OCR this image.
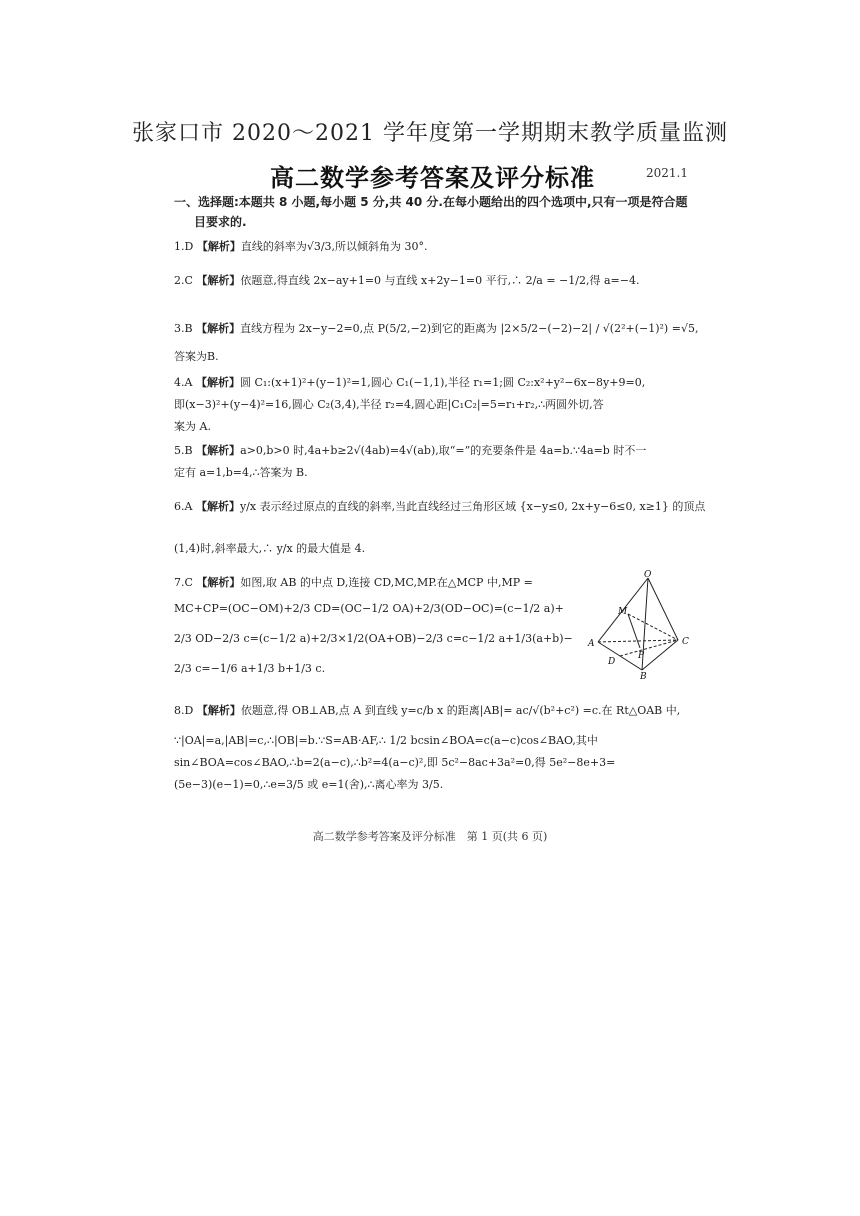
张家口市 2020～2021 学年度第一学期期末教学质量监测
高二数学参考答案及评分标准	2021.1
一、选择题:本题共 8 小题,每小题 5 分,共 40 分.在每小题给出的四个选项中,只有一项是符合题
目要求的.
1.D 【解析】直线的斜率为√3/3,所以倾斜角为 30°.
2.C 【解析】依题意,得直线 2x−ay+1=0 与直线 x+2y−1=0 平行,∴ 2/a = −1/2,得 a=−4.
3.B 【解析】直线方程为 2x−y−2=0,点 P(5/2,−2)到它的距离为 |2×5/2−(−2)−2| / √(2²+(−1)²) =√5,
答案为B.
4.A 【解析】圆 C₁:(x+1)²+(y−1)²=1,圆心 C₁(−1,1),半径 r₁=1;圆 C₂:x²+y²−6x−8y+9=0,
即(x−3)²+(y−4)²=16,圆心 C₂(3,4),半径 r₂=4,圆心距|C₁C₂|=5=r₁+r₂,∴两圆外切,答
案为 A.
5.B 【解析】a>0,b>0 时,4a+b≥2√(4ab)=4√(ab),取“=”的充要条件是 4a=b.∵4a=b 时不一
定有 a=1,b=4,∴答案为 B.
6.A 【解析】y/x 表示经过原点的直线的斜率,当此直线经过三角形区域 {x−y≤0, 2x+y−6≤0, x≥1} 的顶点
(1,4)时,斜率最大,∴ y/x 的最大值是 4.
7.C 【解析】如图,取 AB 的中点 D,连接 CD,MC,MP.在△MCP 中,MP =
MC+CP=(OC−OM)+2/3 CD=(OC−1/2 OA)+2/3(OD−OC)=(c−1/2 a)+
2/3 OD−2/3 c=(c−1/2 a)+2/3×1/2(OA+OB)−2/3 c=c−1/2 a+1/3(a+b)−
2/3 c=−1/6 a+1/3 b+1/3 c.
O
M
A
D
P
C
B
8.D 【解析】依题意,得 OB⊥AB,点 A 到直线 y=c/b x 的距离|AB|= ac/√(b²+c²) =c.在 Rt△OAB 中,
∵|OA|=a,|AB|=c,∴|OB|=b.∵S=AB·AF,∴ 1/2 bcsin∠BOA=c(a−c)cos∠BAO,其中
sin∠BOA=cos∠BAO,∴b=2(a−c),∴b²=4(a−c)²,即 5c²−8ac+3a²=0,得 5e²−8e+3=
(5e−3)(e−1)=0,∴e=3/5 或 e=1(舍),∴离心率为 3/5.
高二数学参考答案及评分标准　第 1 页(共 6 页)
